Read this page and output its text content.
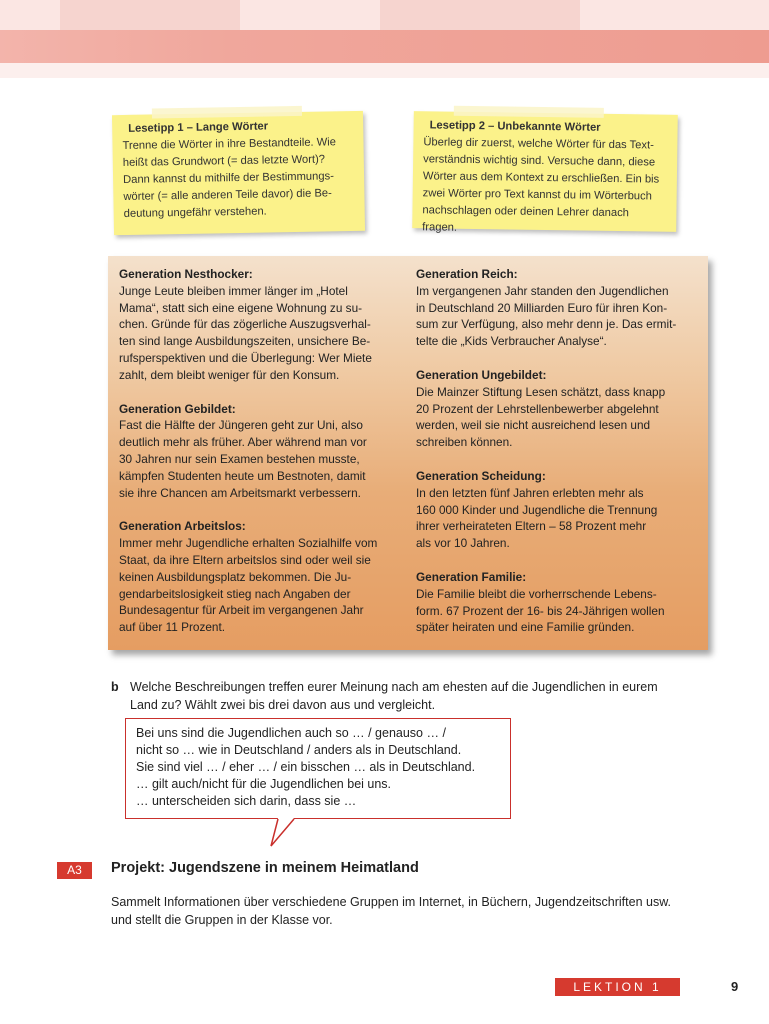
Lesetipp 1 – Lange Wörter
Trenne die Wörter in ihre Bestandteile. Wie
heißt das Grundwort (= das letzte Wort)?
Dann kannst du mithilfe der Bestimmungs-
wörter (= alle anderen Teile davor) die Be-
deutung ungefähr verstehen.
Lesetipp 2 – Unbekannte Wörter
Überleg dir zuerst, welche Wörter für das Text-
verständnis wichtig sind. Versuche dann, diese
Wörter aus dem Kontext zu erschließen. Ein bis
zwei Wörter pro Text kannst du im Wörterbuch
nachschlagen oder deinen Lehrer danach fragen.
Generation Nesthocker:
Junge Leute bleiben immer länger im „Hotel
Mama“, statt sich eine eigene Wohnung zu su-
chen. Gründe für das zögerliche Auszugsverhal-
ten sind lange Ausbildungszeiten, unsichere Be-
rufsperspektiven und die Überlegung: Wer Miete
zahlt, dem bleibt weniger für den Konsum.
Generation Gebildet:
Fast die Hälfte der Jüngeren geht zur Uni, also
deutlich mehr als früher. Aber während man vor
30 Jahren nur sein Examen bestehen musste,
kämpfen Studenten heute um Bestnoten, damit
sie ihre Chancen am Arbeitsmarkt verbessern.
Generation Arbeitslos:
Immer mehr Jugendliche erhalten Sozialhilfe vom
Staat, da ihre Eltern arbeitslos sind oder weil sie
keinen Ausbildungsplatz bekommen. Die Ju-
gendarbeitslosigkeit stieg nach Angaben der
Bundesagentur für Arbeit im vergangenen Jahr
auf über 11 Prozent.
Generation Reich:
Im vergangenen Jahr standen den Jugendlichen
in Deutschland 20 Milliarden Euro für ihren Kon-
sum zur Verfügung, also mehr denn je. Das ermit-
telte die „Kids Verbraucher Analyse“.
Generation Ungebildet:
Die Mainzer Stiftung Lesen schätzt, dass knapp
20 Prozent der Lehrstellenbewerber abgelehnt
werden, weil sie nicht ausreichend lesen und
schreiben können.
Generation Scheidung:
In den letzten fünf Jahren erlebten mehr als
160 000 Kinder und Jugendliche die Trennung
ihrer verheirateten Eltern – 58 Prozent mehr
als vor 10 Jahren.
Generation Familie:
Die Familie bleibt die vorherrschende Lebens-
form. 67 Prozent der 16- bis 24-Jährigen wollen
später heiraten und eine Familie gründen.
b Welche Beschreibungen treffen eurer Meinung nach am ehesten auf die Jugendlichen in eurem
Land zu? Wählt zwei bis drei davon aus und vergleicht.
Bei uns sind die Jugendlichen auch so … / genauso … /
nicht so … wie in Deutschland / anders als in Deutschland.
Sie sind viel … / eher … / ein bisschen … als in Deutschland.
… gilt auch/nicht für die Jugendlichen bei uns.
… unterscheiden sich darin, dass sie …
A3	Projekt: Jugendszene in meinem Heimatland
Sammelt Informationen über verschiedene Gruppen im Internet, in Büchern, Jugendzeitschriften usw.
und stellt die Gruppen in der Klasse vor.
LEKTION 1	9
